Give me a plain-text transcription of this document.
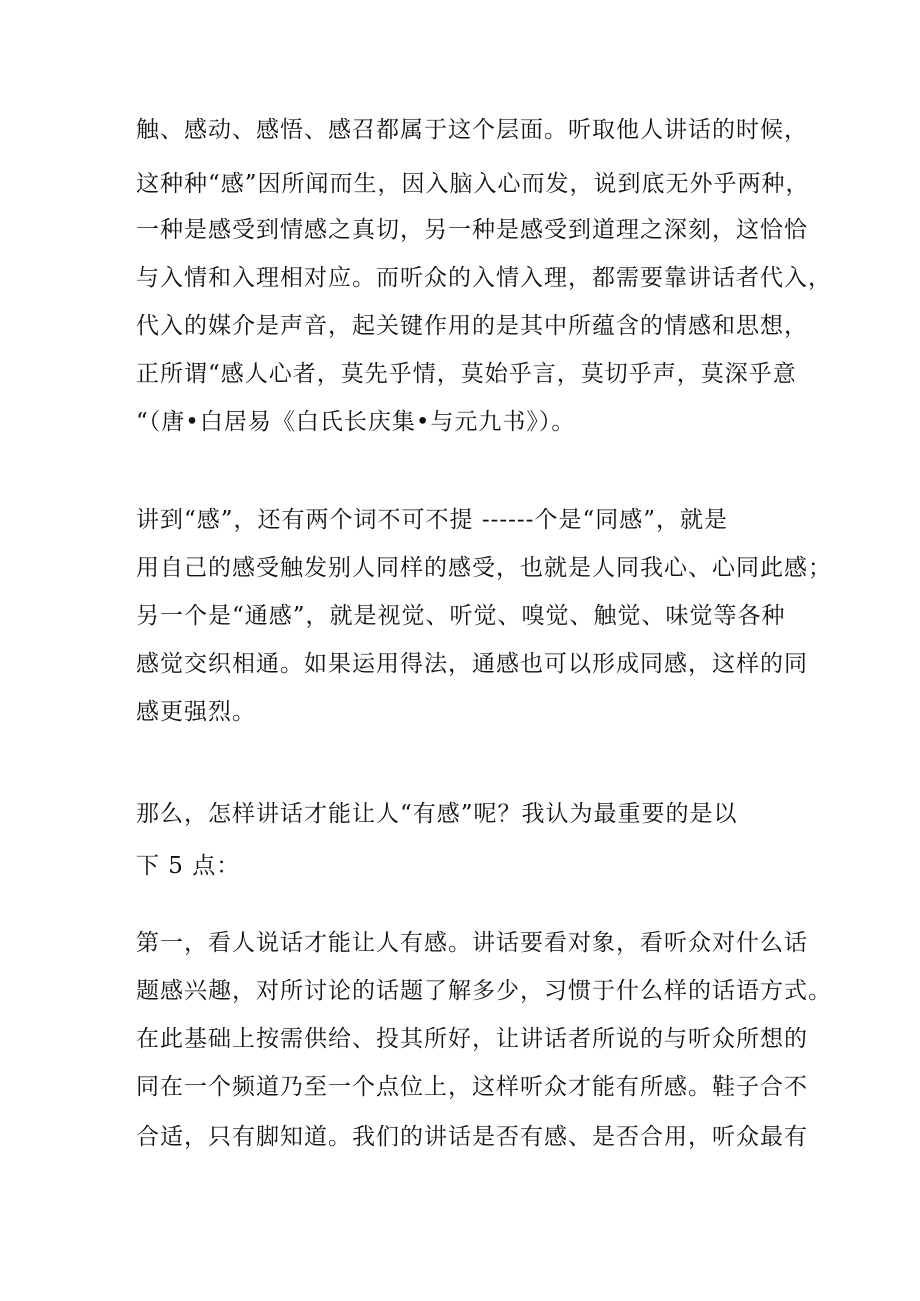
触、感动、感悟、感召都属于这个层面。听取他人讲话的时候，
这种种“感”因所闻而生，因入脑入心而发，说到底无外乎两种，
一种是感受到情感之真切，另一种是感受到道理之深刻，这恰恰
与入情和入理相对应。而听众的入情入理，都需要靠讲话者代入，
代入的媒介是声音，起关键作用的是其中所蕴含的情感和思想，
正所谓“感人心者，莫先乎情，莫始乎言，莫切乎声，莫深乎意
“（唐•白居易《白氏长庆集•与元九书》）。
讲到“感”，还有两个词不可不提 ------个是“同感”，就是
用自己的感受触发别人同样的感受，也就是人同我心、心同此感；
另一个是“通感”，就是视觉、听觉、嗅觉、触觉、味觉等各种
感觉交织相通。如果运用得法，通感也可以形成同感，这样的同
感更强烈。
那么，怎样讲话才能让人“有感”呢？我认为最重要的是以
下 5 点：
第一，看人说话才能让人有感。讲话要看对象，看听众对什么话
题感兴趣，对所讨论的话题了解多少，习惯于什么样的话语方式。
在此基础上按需供给、投其所好，让讲话者所说的与听众所想的
同在一个频道乃至一个点位上，这样听众才能有所感。鞋子合不
合适，只有脚知道。我们的讲话是否有感、是否合用，听众最有
